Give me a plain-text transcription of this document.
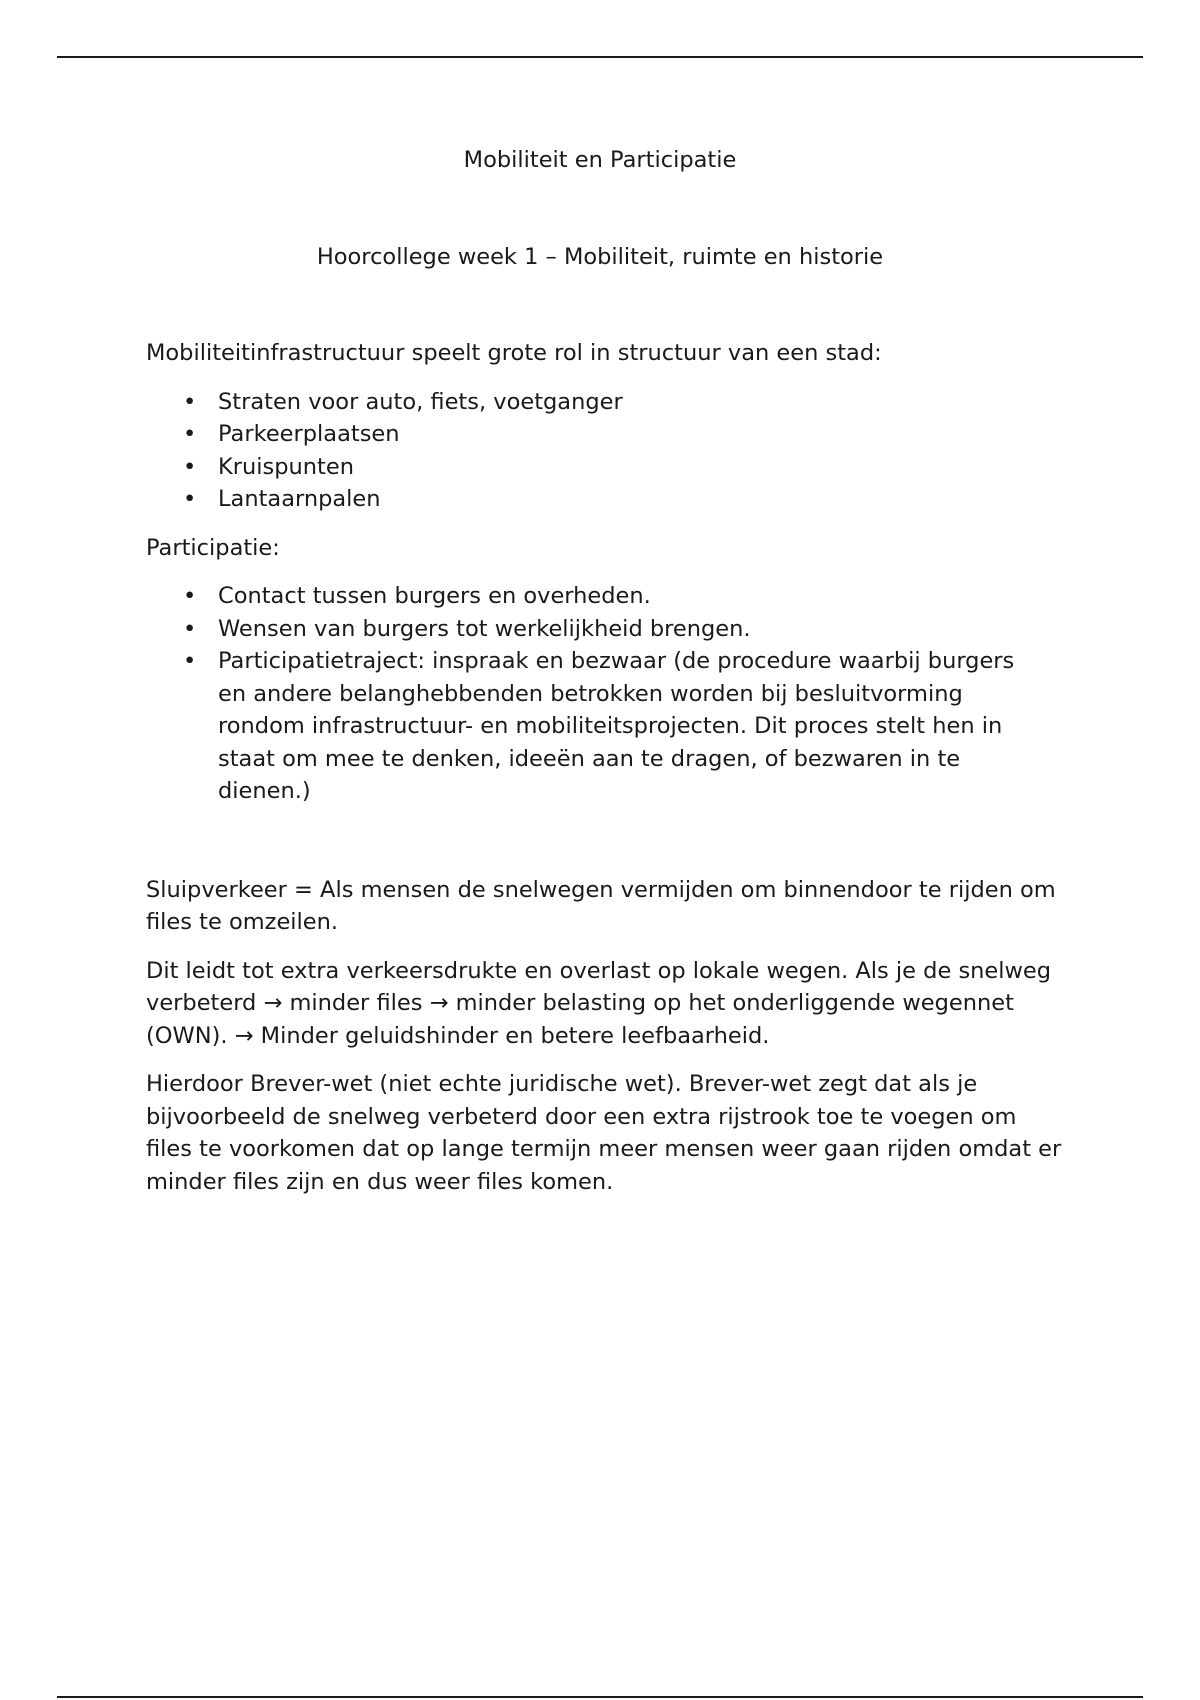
Mobiliteit en Participatie
Hoorcollege week 1 – Mobiliteit, ruimte en historie

Mobiliteitinfrastructuur speelt grote rol in structuur van een stad:

• Straten voor auto, fiets, voetganger
• Parkeerplaatsen
• Kruispunten
• Lantaarnpalen

Participatie:

• Contact tussen burgers en overheden.
• Wensen van burgers tot werkelijkheid brengen.
• Participatietraject: inspraak en bezwaar (de procedure waarbij burgers en andere belanghebbenden betrokken worden bij besluitvorming rondom infrastructuur- en mobiliteitsprojecten. Dit proces stelt hen in staat om mee te denken, ideeën aan te dragen, of bezwaren in te dienen.)

Sluipverkeer = Als mensen de snelwegen vermijden om binnendoor te rijden om files te omzeilen.

Dit leidt tot extra verkeersdrukte en overlast op lokale wegen. Als je de snelweg verbeterd → minder files → minder belasting op het onderliggende wegennet (OWN). → Minder geluidshinder en betere leefbaarheid.

Hierdoor Brever-wet (niet echte juridische wet). Brever-wet zegt dat als je bijvoorbeeld de snelweg verbeterd door een extra rijstrook toe te voegen om files te voorkomen dat op lange termijn meer mensen weer gaan rijden omdat er minder files zijn en dus weer files komen.
